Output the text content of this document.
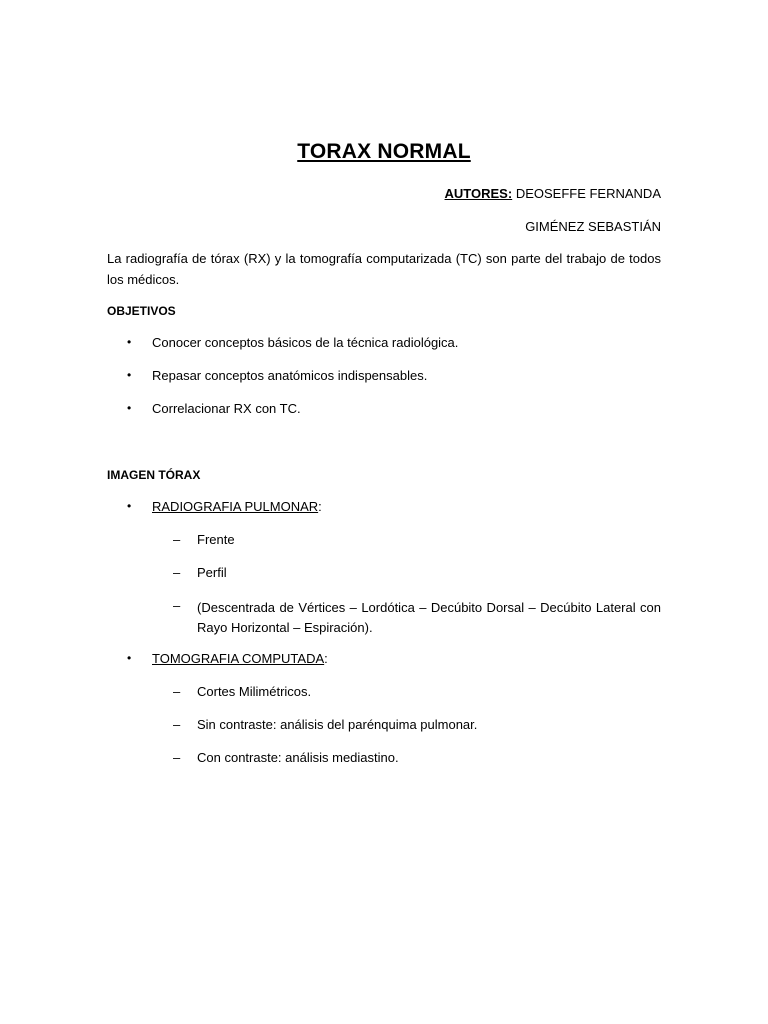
TORAX NORMAL
AUTORES: DEOSEFFE FERNANDA
GIMÉNEZ SEBASTIÁN
La radiografía de tórax (RX) y la tomografía computarizada (TC) son parte del trabajo de todos los médicos.
OBJETIVOS
• Conocer conceptos básicos de la técnica radiológica.
• Repasar conceptos anatómicos indispensables.
• Correlacionar RX con TC.
IMAGEN TÓRAX
• RADIOGRAFIA PULMONAR:
– Frente
– Perfil
– (Descentrada de Vértices – Lordótica – Decúbito Dorsal – Decúbito Lateral con Rayo Horizontal – Espiración).
• TOMOGRAFIA COMPUTADA:
– Cortes Milimétricos.
– Sin contraste: análisis del parénquima pulmonar.
– Con contraste: análisis mediastino.
